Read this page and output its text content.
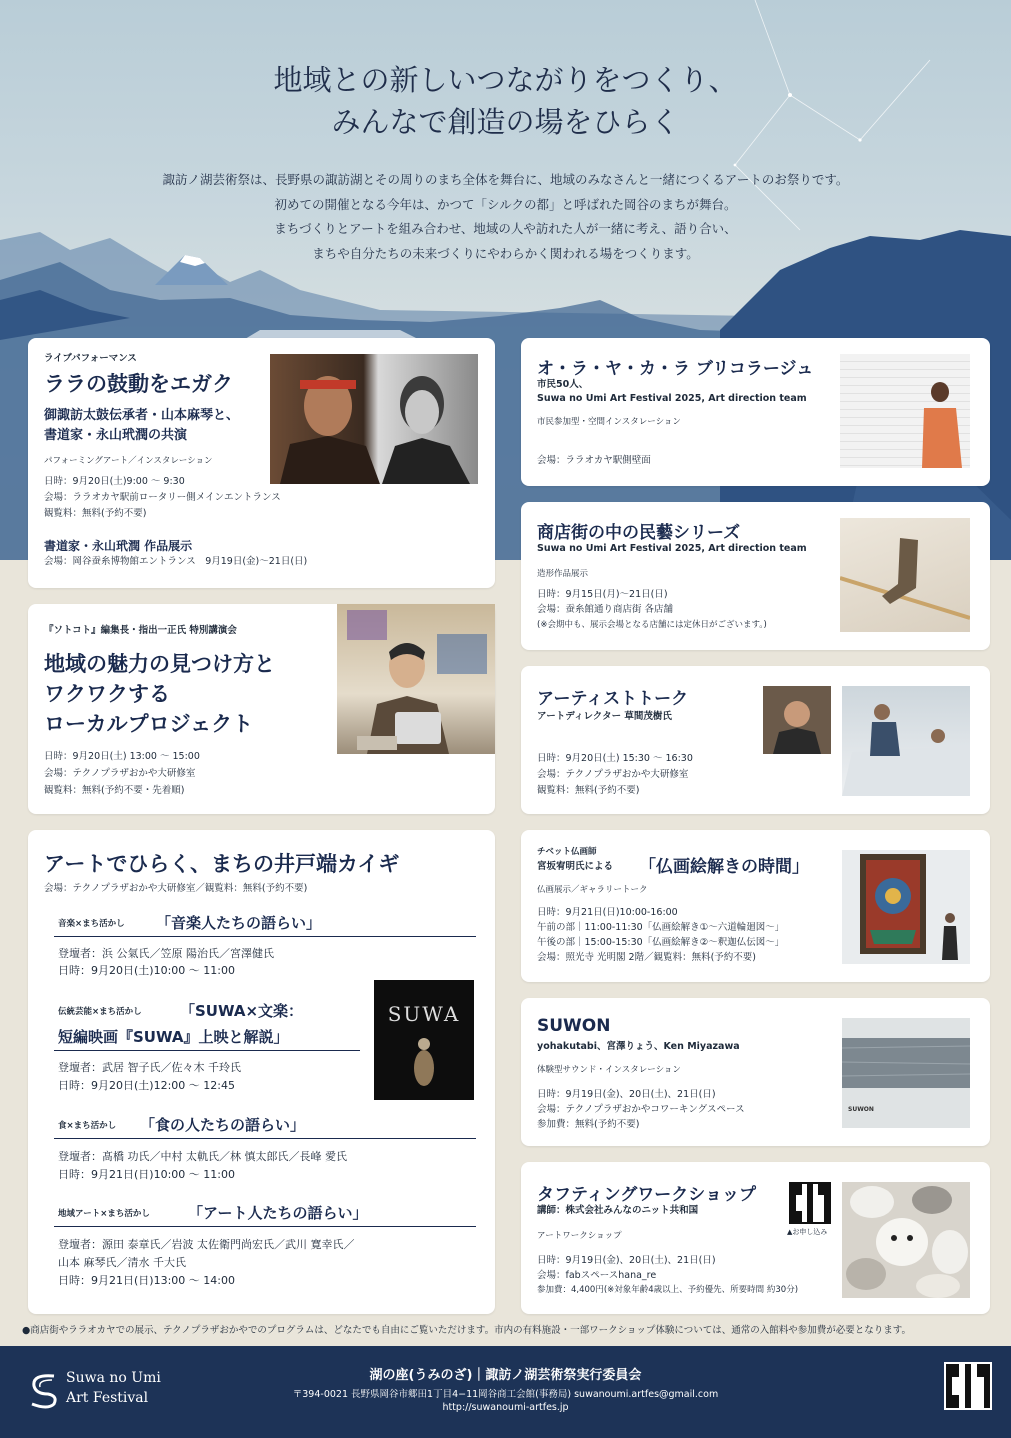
地域との新しいつながりをつくり、
みんなで創造の場をひらく
諏訪ノ湖芸術祭は、長野県の諏訪湖とその周りのまち全体を舞台に、地域のみなさんと一緒につくるアートのお祭りです。
初めての開催となる今年は、かつて「シルクの都」と呼ばれた岡谷のまちが舞台。
まちづくりとアートを組み合わせ、地域の人や訪れた人が一緒に考え、語り合い、
まちや自分たちの未来づくりにやわらかく関われる場をつくります。
ライブパフォーマンス
ララの鼓動をエガク
御諏訪太鼓伝承者・山本麻琴と、
書道家・永山玳潤の共演
パフォーミングアート／インスタレーション
日時：9月20日(土)9:00 ～ 9:30
会場：ララオカヤ駅前ロータリー側メインエントランス
観覧料：無料(予約不要)
書道家・永山玳潤 作品展示
会場：岡谷蚕糸博物館エントランス　9月19日(金)～21日(日)
『ソトコト』編集長・指出一正氏 特別講演会
地域の魅力の見つけ方と
ワクワクする
ローカルプロジェクト
日時：9月20日(土) 13:00 ～ 15:00
会場：テクノプラザおかや大研修室
観覧料：無料(予約不要・先着順)
アートでひらく、まちの井戸端カイギ
会場：テクノプラザおかや大研修室／観覧料：無料(予約不要)
音楽×まち活かし 「音楽人たちの語らい」
登壇者：浜 公氣氏／笠原 陽治氏／宮澤健氏
日時：9月20日(土)10:00 ～ 11:00
伝統芸能×まち活かし	「SUWA×文楽：
短編映画『SUWA』上映と解説」
登壇者：武居 智子氏／佐々木 千玲氏
日時：9月20日(土)12:00 ～ 12:45
SUWA
食×まち活かし 「食の人たちの語らい」
登壇者：髙橋 功氏／中村 太軌氏／林 慎太郎氏／長峰 愛氏
日時：9月21日(日)10:00 ～ 11:00
地域アート×まち活かし	「アート人たちの語らい」
登壇者：源田 泰章氏／岩波 太佐衛門尚宏氏／武川 寛幸氏／
山本 麻琴氏／清水 千大氏
日時：9月21日(日)13:00 ～ 14:00
オ・ラ・ヤ・カ・ラ ブリコラージュ
市民50人、
Suwa no Umi Art Festival 2025, Art direction team
市民参加型・空間インスタレーション
会場：ララオカヤ駅側壁面
商店街の中の民藝シリーズ
Suwa no Umi Art Festival 2025, Art direction team
造形作品展示
日時：9月15日(月)～21日(日)
会場：蚕糸館通り商店街 各店舗
(※会期中も、展示会場となる店舗には定休日がございます。)
アーティストトーク
アートディレクター 草間茂樹氏
日時：9月20日(土) 15:30 ～ 16:30
会場：テクノプラザおかや大研修室
観覧料：無料(予約不要)
チベット仏画師
宮坂宥明氏による 「仏画絵解きの時間」
仏画展示／ギャラリートーク
日時：9月21日(日)10:00-16:00
午前の部｜11:00-11:30「仏画絵解き①～六道輪廻図～」
午後の部｜15:00-15:30「仏画絵解き②～釈迦仏伝図～」
会場：照光寺 光明閣 2階／観覧料：無料(予約不要)
SUWON
yohakutabi、宮澤りょう、Ken Miyazawa
体験型サウンド・インスタレーション
日時：9月19日(金)、20日(土)、21日(日)
会場：テクノプラザおかやコワーキングスペース
参加費：無料(予約不要)
SUWON
タフティングワークショップ
講師：株式会社みんなのニット共和国
アートワークショップ
日時：9月19日(金)、20日(土)、21日(日)
会場：fabスペースhana_re
参加費：4,400円(※対象年齢4歳以上、予約優先、所要時間 約30分)
▲お申し込み
●商店街やララオカヤでの展示、テクノプラザおかやでのプログラムは、どなたでも自由にご覧いただけます。市内の有料施設・一部ワークショップ体験については、通常の入館料や参加費が必要となります。
Suwa no Umi
Art Festival
湖の座(うみのざ)｜諏訪ノ湖芸術祭実行委員会
〒394-0021 長野県岡谷市郷田1丁目4−11岡谷商工会館(事務局) suwanoumi.artfes@gmail.com
http://suwanoumi-artfes.jp
